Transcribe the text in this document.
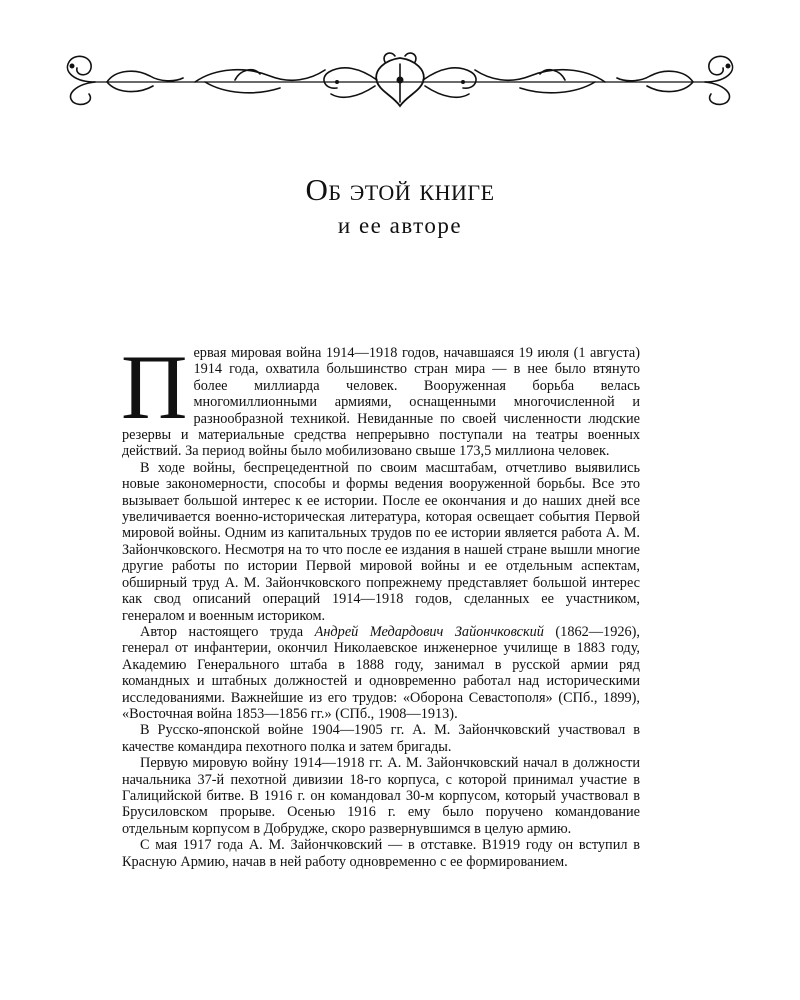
Об этой книге
и ее авторе

Первая мировая война 1914—1918 годов, начавшаяся 19 июля (1 августа) 1914 года, охватила большинство стран мира — в нее было втянуто более миллиарда человек. Вооруженная борьба велась многомиллионными армиями, оснащенными многочисленной и разнообразной техникой. Невиданные по своей численности людские резервы и материальные средства непрерывно поступали на театры военных действий. За период войны было мобилизовано свыше 173,5 миллиона человек.

В ходе войны, беспрецедентной по своим масштабам, отчетливо выявились новые закономерности, способы и формы ведения вооруженной борьбы. Все это вызывает большой интерес к ее истории. После ее окончания и до наших дней все увеличивается военно-историческая литература, которая освещает события Первой мировой войны. Одним из капитальных трудов по ее истории является работа А. М. Зайончковского. Несмотря на то что после ее издания в нашей стране вышли многие другие работы по истории Первой мировой войны и ее отдельным аспектам, обширный труд А. М. Зайончковского попрежнему представляет большой интерес как свод описаний операций 1914—1918 годов, сделанных ее участником, генералом и военным историком.

Автор настоящего труда Андрей Медардович Зайончковский (1862—1926), генерал от инфантерии, окончил Николаевское инженерное училище в 1883 году, Академию Генерального штаба в 1888 году, занимал в русской армии ряд командных и штабных должностей и одновременно работал над историческими исследованиями. Важнейшие из его трудов: «Оборона Севастополя» (СПб., 1899), «Восточная война 1853—1856 гг.» (СПб., 1908—1913).

В Русско-японской войне 1904—1905 гг. А. М. Зайончковский участвовал в качестве командира пехотного полка и затем бригады.

Первую мировую войну 1914—1918 гг. А. М. Зайончковский начал в должности начальника 37-й пехотной дивизии 18-го корпуса, с которой принимал участие в Галицийской битве. В 1916 г. он командовал 30-м корпусом, который участвовал в Брусиловском прорыве. Осенью 1916 г. ему было поручено командование отдельным корпусом в Добрудже, скоро развернувшимся в целую армию.

С мая 1917 года А. М. Зайончковский — в отставке. В1919 году он вступил в Красную Армию, начав в ней работу одновременно с ее формированием.
